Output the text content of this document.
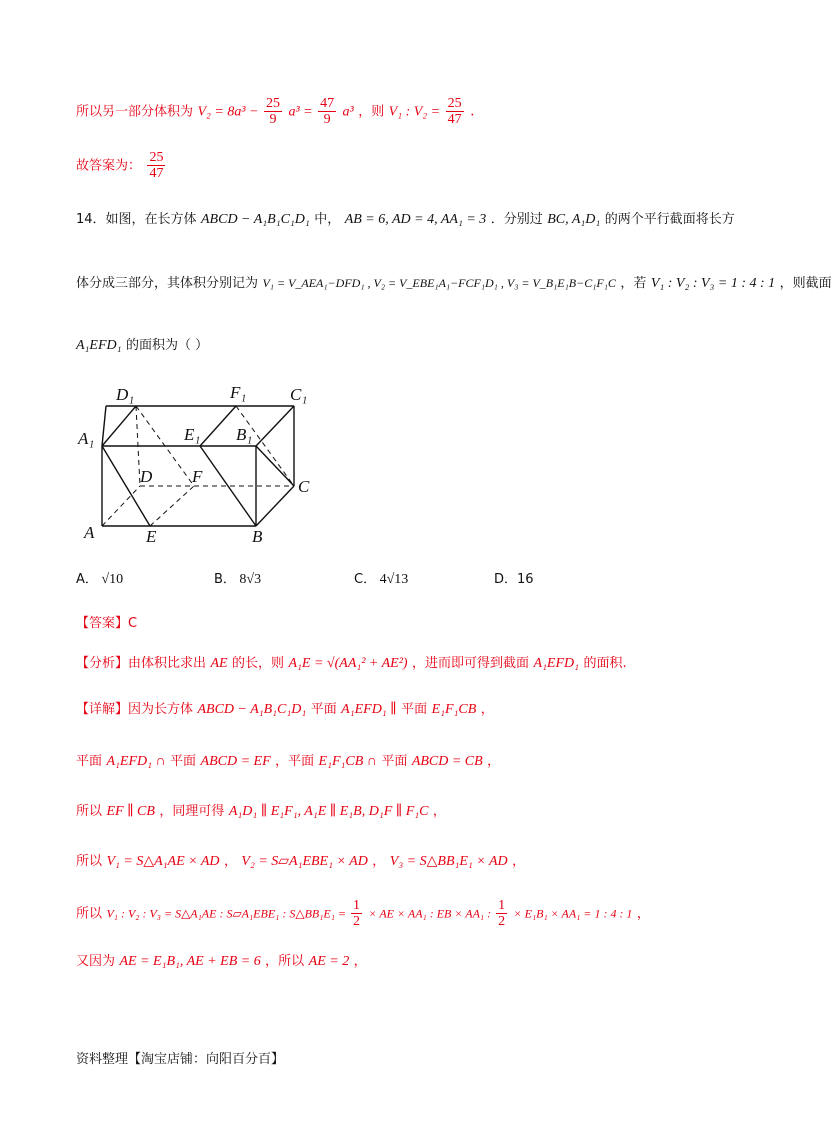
所以另一部分体积为 $V_2 = 8a^3 - \frac{25}{9} a^3 = \frac{47}{9} a^3$ ，则 V₁ : $V_2 = \frac{25}{47}$ .
故答案为： $\frac{25}{47}$
14．如图，在长方体 ABCD − A₁B₁C₁D₁ 中， AB = 6, AD = 4, AA₁ = 3 ．分别过 BC, A₁D₁ 的两个平行截面将长方
体分成三部分，其体积分别记为 V₁ = V_AEA₁−DFD₁ , V₂ = V_EBE₁A₁−FCF₁D₁ , V₃ = V_B₁E₁B−C₁F₁C ，若 V₁ : V₂ : V₃ = 1 : 4 : 1 ，则截面
A₁EFD₁ 的面积为（ ）
D₁	F₁	C₁
A₁	E₁ B₁
D F
C
A	E	B
A． √10	B． 8√3	C． 4√13	D．16
【答案】C
【分析】由体积比求出 AE 的长，则 A₁E = √(AA₁² + AE²) ，进而即可得到截面 A₁EFD₁ 的面积.
【详解】因为长方体 ABCD − A₁B₁C₁D₁ 平面 A₁EFD₁ ∥ 平面 E₁F₁CB ，
平面 A₁EFD₁ ∩ 平面 ABCD = EF ，平面 E₁F₁CB ∩ 平面 ABCD = CB ，
所以 EF ∥ CB ，同理可得 A₁D₁ ∥ E₁F₁, A₁E ∥ E₁B, D₁F ∥ F₁C ，
所以 V₁ = S△A₁AE × AD ， V₂ = S▱A₁EBE₁ × AD ， V₃ = S△BB₁E₁ × AD ，
所以 V₁ : V₂ : V₃ = S△A₁AE : S▱A₁EBE₁ : S△BB₁E₁ = $\frac{1}{2}$ × AE × AA₁ : EB × AA₁ : $\frac{1}{2} \times E_1B_1 \times AA_1 = 1$ : 4 : 1 ，
又因为 AE = E₁B₁, AE + EB = 6 ，所以 AE = 2 ，
资料整理【淘宝店铺：向阳百分百】
